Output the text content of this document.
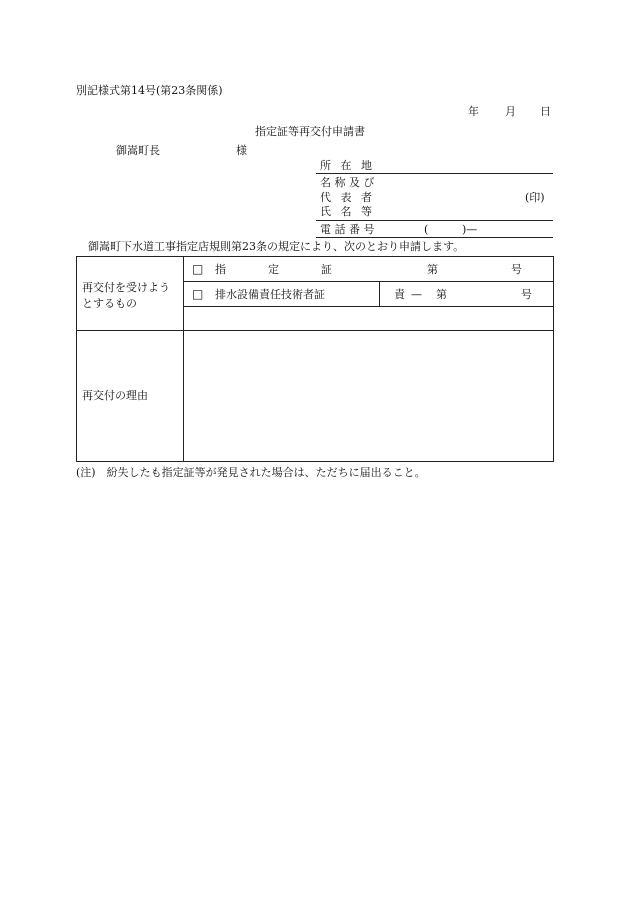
別記様式第14号(第23条関係)
年 月 日
指定証等再交付申請書
御嵩町長	様
所 在 地
名 称 及 び
代 表 者	(印)
氏 名 等
電 話 番 号	(	)—
御嵩町下水道工事指定店規則第23条の規定により、次のとおり申請します。
再交付を受けようとするもの
□ 指	定	証	第	号
□ 排水設備責任技術者証	責 — 第	号
再交付の理由
(注)　紛失したも指定証等が発見された場合は、ただちに届出ること。
